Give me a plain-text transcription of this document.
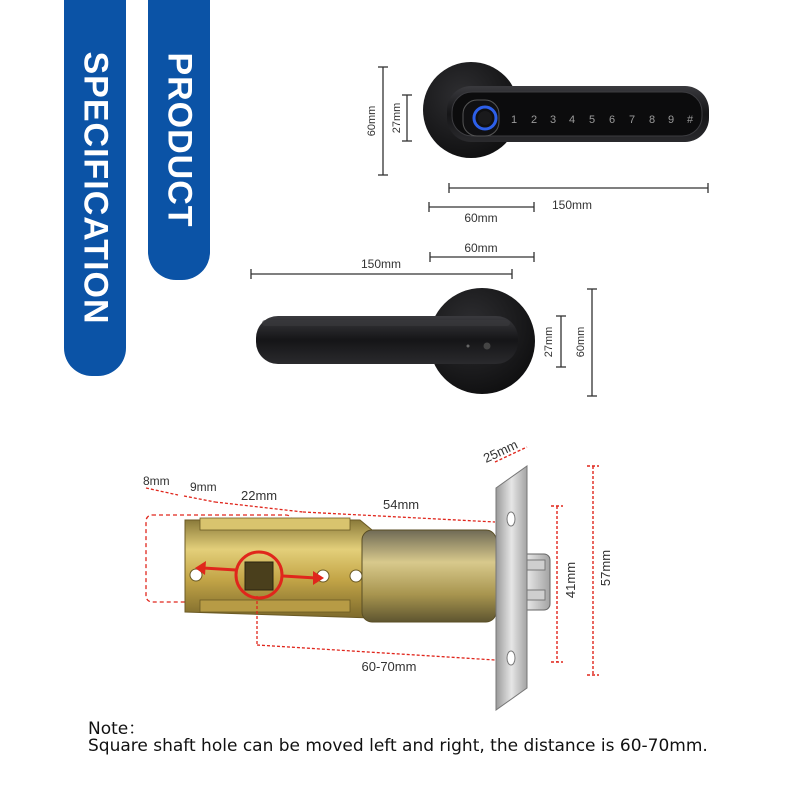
SPECIFICATION PRODUCT	1 2 3 4 5 6 7 8 9 #
60mm 27mm
150mm
60mm
60mm
150mm
27mm 60mm
8mm 9mm
22mm
54mm
25mm
60-70mm
41mm 57mm
Note：
Square shaft hole can be moved left and right, the distance is 60-70mm.
